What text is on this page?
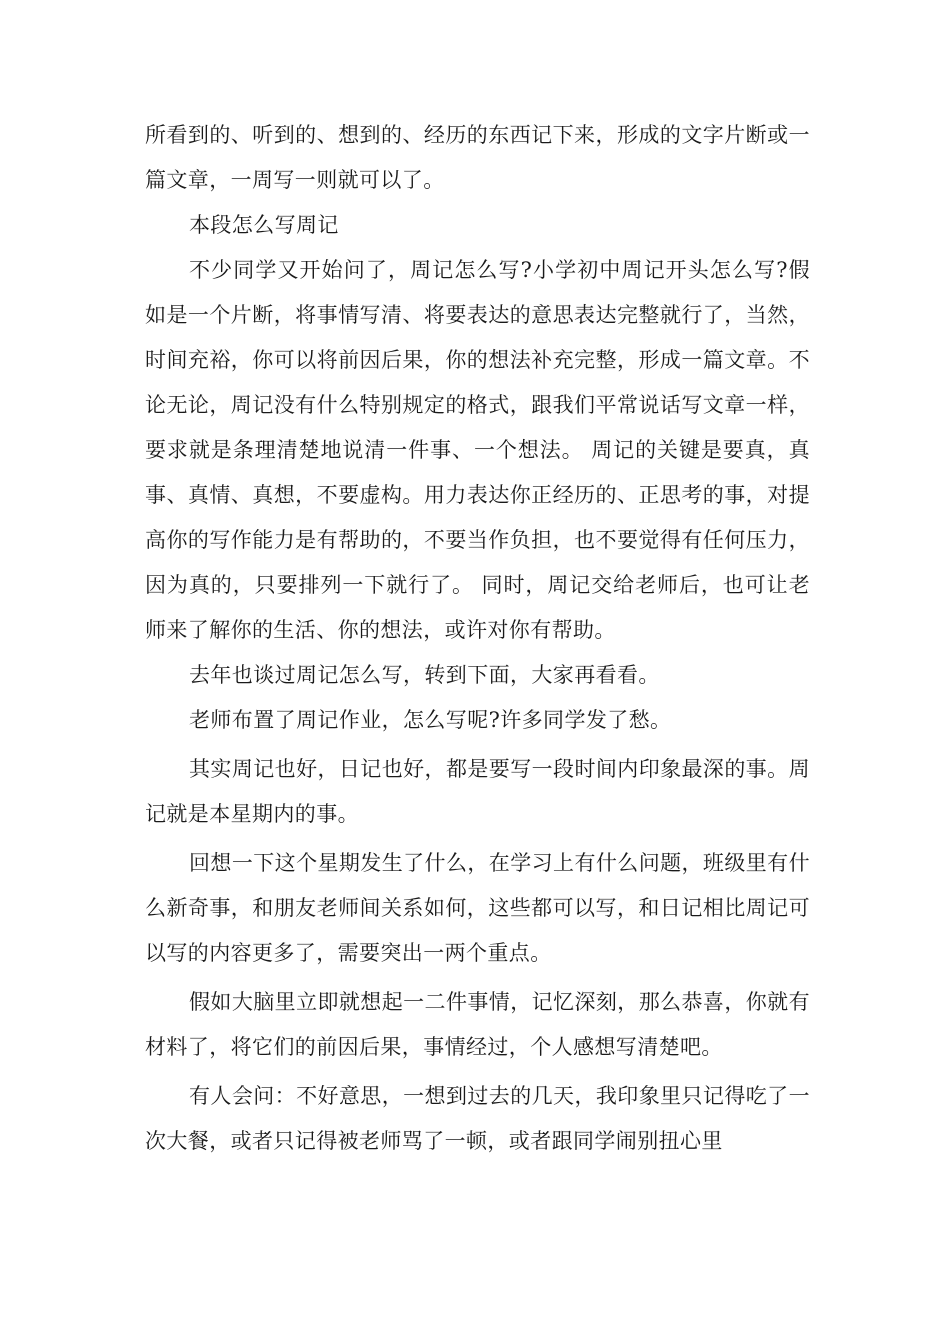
所看到的、听到的、想到的、经历的东西记下来，形成的文字片断或一篇文章，一周写一则就可以了。

本段怎么写周记

不少同学又开始问了，周记怎么写?小学初中周记开头怎么写?假如是一个片断，将事情写清、将要表达的意思表达完整就行了，当然，时间充裕，你可以将前因后果，你的想法补充完整，形成一篇文章。不论无论，周记没有什么特别规定的格式，跟我们平常说话写文章一样，要求就是条理清楚地说清一件事、一个想法。 周记的关键是要真，真事、真情、真想，不要虚构。用力表达你正经历的、正思考的事，对提高你的写作能力是有帮助的，不要当作负担，也不要觉得有任何压力，因为真的，只要排列一下就行了。 同时，周记交给老师后，也可让老师来了解你的生活、你的想法，或许对你有帮助。

去年也谈过周记怎么写，转到下面，大家再看看。

老师布置了周记作业，怎么写呢?许多同学发了愁。

其实周记也好，日记也好，都是要写一段时间内印象最深的事。周记就是本星期内的事。

回想一下这个星期发生了什么，在学习上有什么问题，班级里有什么新奇事，和朋友老师间关系如何，这些都可以写，和日记相比周记可以写的内容更多了，需要突出一两个重点。

假如大脑里立即就想起一二件事情，记忆深刻，那么恭喜，你就有材料了，将它们的前因后果，事情经过，个人感想写清楚吧。

有人会问：不好意思，一想到过去的几天，我印象里只记得吃了一次大餐，或者只记得被老师骂了一顿，或者跟同学闹别扭心里
